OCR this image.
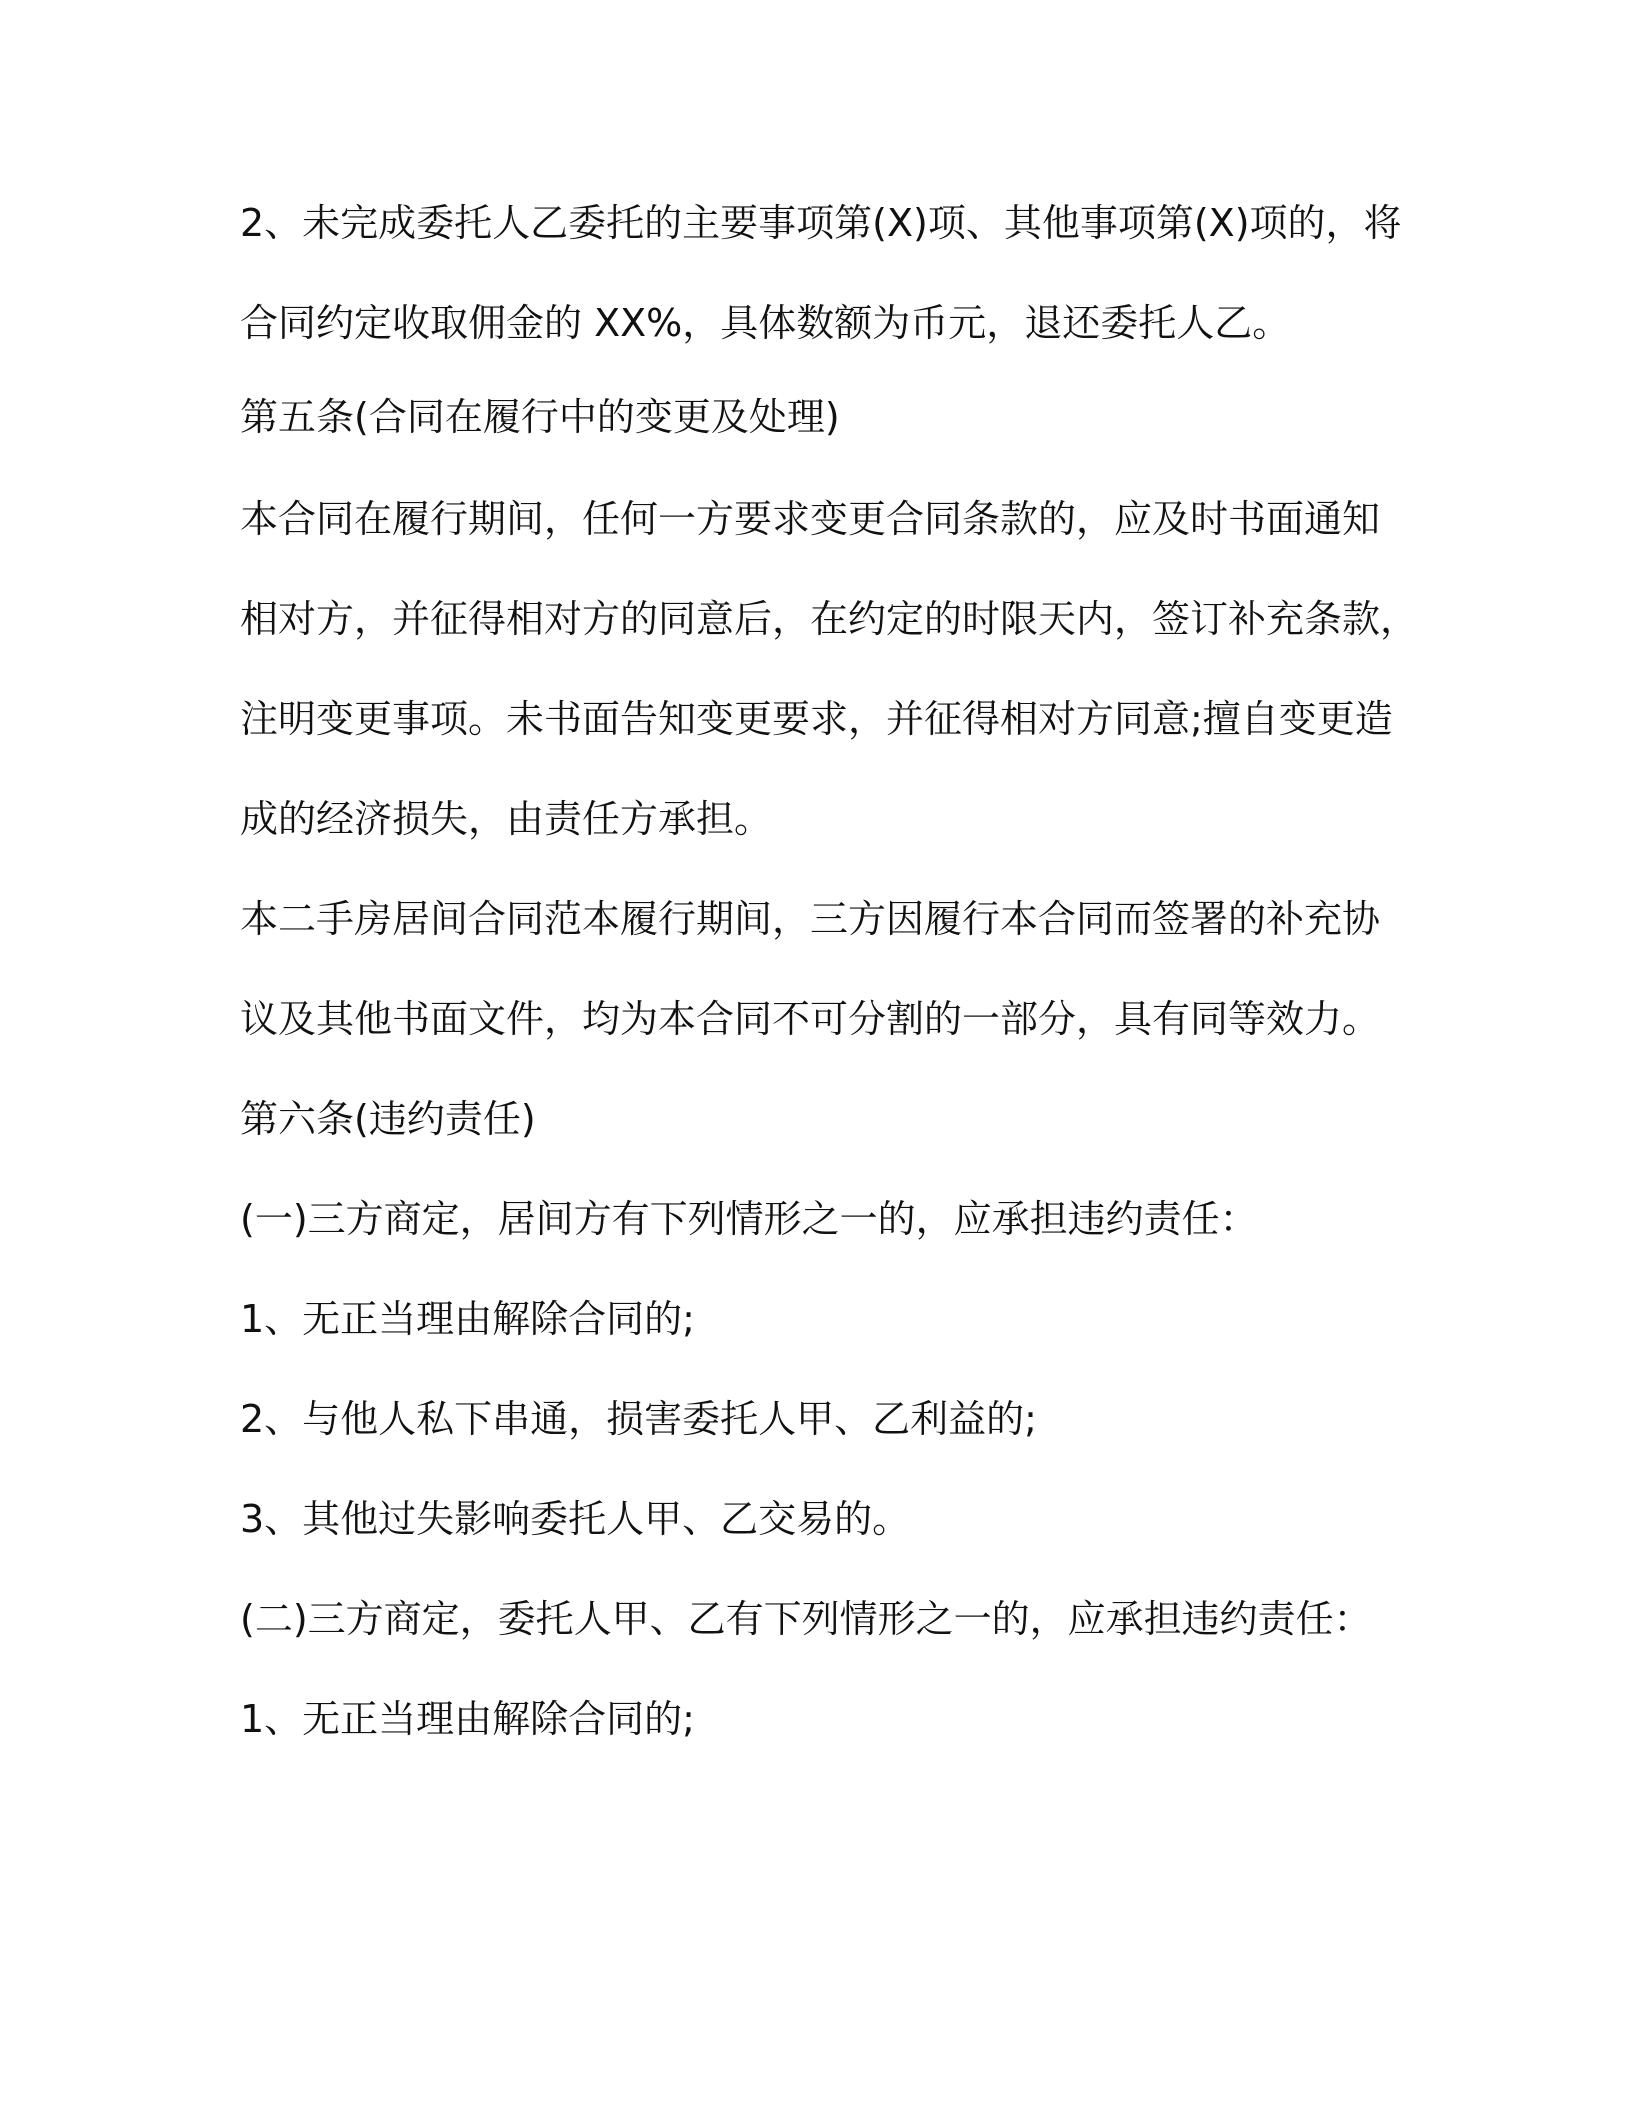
2、未完成委托人乙委托的主要事项第(X)项、其他事项第(X)项的，将

合同约定收取佣金的 XX%，具体数额为币元，退还委托人乙。

第五条(合同在履行中的变更及处理)

本合同在履行期间，任何一方要求变更合同条款的，应及时书面通知

相对方，并征得相对方的同意后，在约定的时限天内，签订补充条款，

注明变更事项。未书面告知变更要求，并征得相对方同意;擅自变更造

成的经济损失，由责任方承担。

本二手房居间合同范本履行期间，三方因履行本合同而签署的补充协

议及其他书面文件，均为本合同不可分割的一部分，具有同等效力。

第六条(违约责任)

(一)三方商定，居间方有下列情形之一的，应承担违约责任：

1、无正当理由解除合同的;

2、与他人私下串通，损害委托人甲、乙利益的;

3、其他过失影响委托人甲、乙交易的。

(二)三方商定，委托人甲、乙有下列情形之一的，应承担违约责任：

1、无正当理由解除合同的;
